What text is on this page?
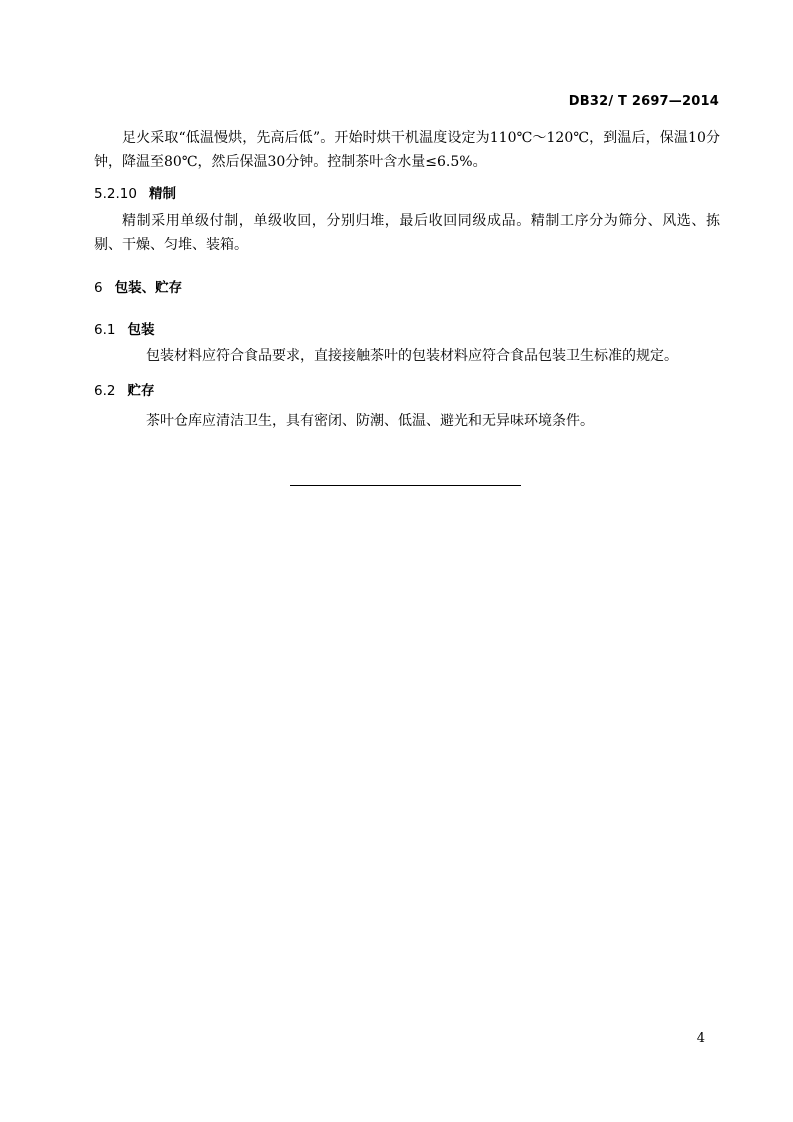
DB32/ T 2697—2014

足火采取“低温慢烘，先高后低”。开始时烘干机温度设定为110℃～120℃，到温后，保温10分钟，降温至80℃，然后保温30分钟。控制茶叶含水量≤6.5%。

5.2.10 精制

精制采用单级付制，单级收回，分别归堆，最后收回同级成品。精制工序分为筛分、风选、拣剔、干燥、匀堆、装箱。

6 包装、贮存
6.1 包装
包装材料应符合食品要求，直接接触茶叶的包装材料应符合食品包装卫生标准的规定。
6.2 贮存
茶叶仓库应清洁卫生，具有密闭、防潮、低温、避光和无异味环境条件。
4
